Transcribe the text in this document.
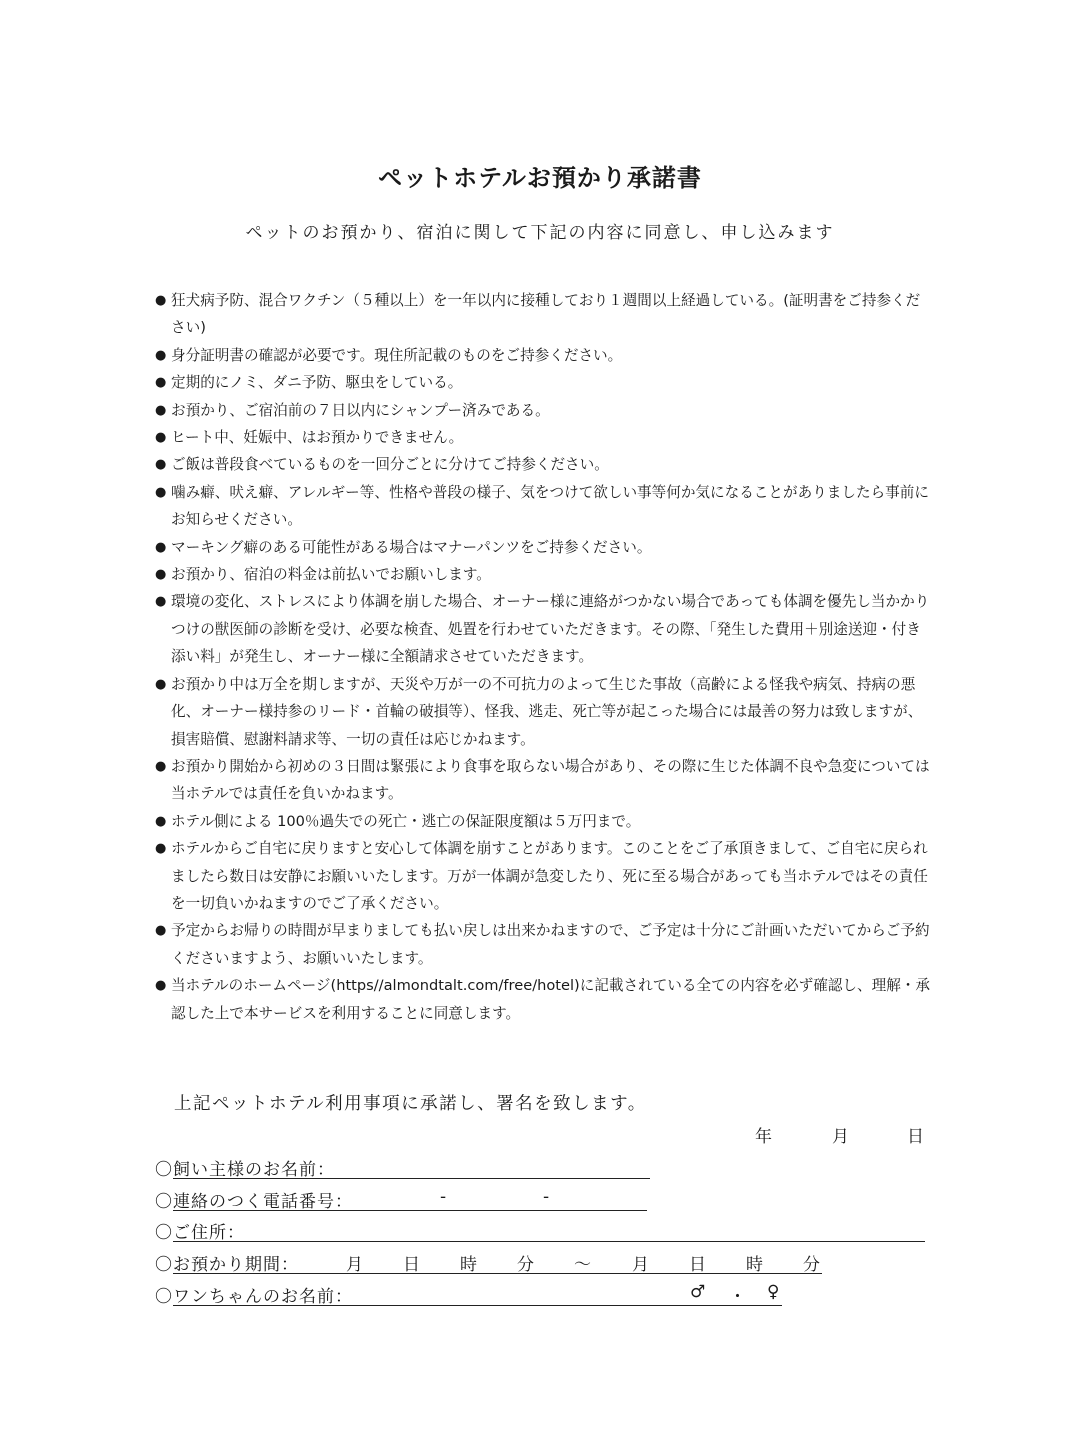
ペットホテルお預かり承諾書
ペットのお預かり、宿泊に関して下記の内容に同意し、申し込みます
● 狂犬病予防、混合ワクチン（５種以上）を一年以内に接種しており１週間以上経過している。(証明書をご持参ください)
● 身分証明書の確認が必要です。現住所記載のものをご持参ください。
● 定期的にノミ、ダニ予防、駆虫をしている。
● お預かり、ご宿泊前の７日以内にシャンプー済みである。
● ヒート中、妊娠中、はお預かりできません。
● ご飯は普段食べているものを一回分ごとに分けてご持参ください。
● 噛み癖、吠え癖、アレルギー等、性格や普段の様子、気をつけて欲しい事等何か気になることがありましたら事前にお知らせください。
● マーキング癖のある可能性がある場合はマナーパンツをご持参ください。
● お預かり、宿泊の料金は前払いでお願いします。
● 環境の変化、ストレスにより体調を崩した場合、オーナー様に連絡がつかない場合であっても体調を優先し当かかりつけの獣医師の診断を受け、必要な検査、処置を行わせていただきます。その際、「発生した費用＋別途送迎・付き添い料」が発生し、オーナー様に全額請求させていただきます。
● お預かり中は万全を期しますが、天災や万が一の不可抗力のよって生じた事故（高齢による怪我や病気、持病の悪化、オーナー様持参のリード・首輪の破損等）、怪我、逃走、死亡等が起こった場合には最善の努力は致しますが、損害賠償、慰謝料請求等、一切の責任は応じかねます。
● お預かり開始から初めの３日間は緊張により食事を取らない場合があり、その際に生じた体調不良や急変については当ホテルでは責任を負いかねます。
● ホテル側による 100％過失での死亡・逃亡の保証限度額は５万円まで。
● ホテルからご自宅に戻りますと安心して体調を崩すことがあります。このことをご了承頂きまして、ご自宅に戻られましたら数日は安静にお願いいたします。万が一体調が急変したり、死に至る場合があっても当ホテルではその責任を一切負いかねますのでご了承ください。
● 予定からお帰りの時間が早まりましても払い戻しは出来かねますので、ご予定は十分にご計画いただいてからご予約くださいますよう、お願いいたします。
● 当ホテルのホームページ(https//almondtalt.com/free/hotel)に記載されている全ての内容を必ず確認し、理解・承認した上で本サービスを利用することに同意します。
上記ペットホテル利用事項に承諾し、署名を致します。
年	月	日
〇飼い主様のお名前：
〇連絡のつく電話番号：	-	-
〇ご住所：
〇お預かり期間：	月 日 時 分 ～ 月 日 時 分
〇ワンちゃんのお名前：	♂ ・ ♀
